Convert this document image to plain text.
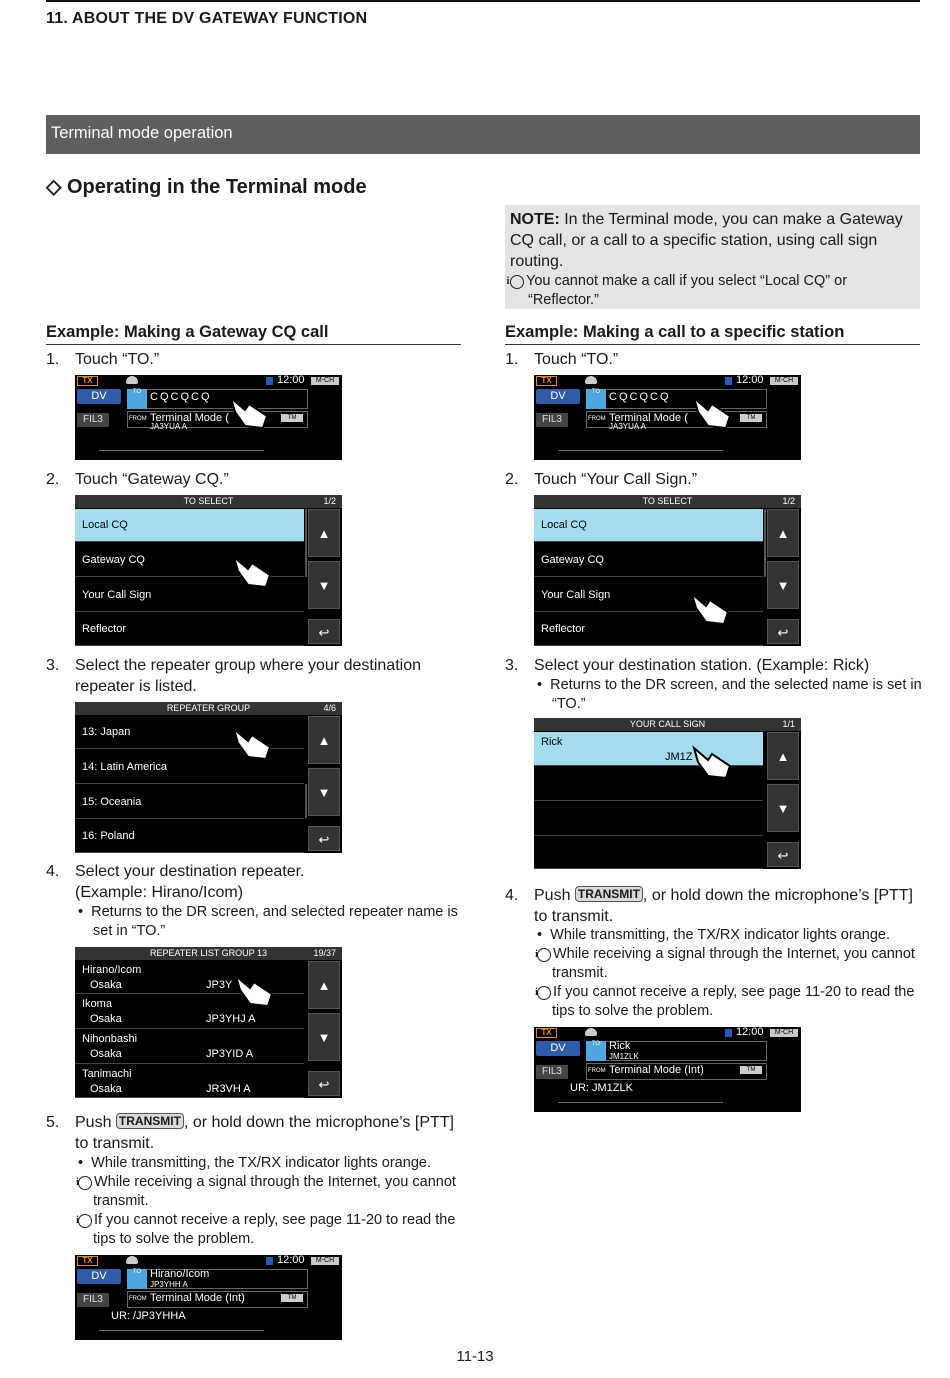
11. ABOUT THE DV GATEWAY FUNCTION
Terminal mode operation
◇ Operating in the Terminal mode
NOTE: In the Terminal mode, you can make a Gateway CQ call, or a call to a specific station, using call sign routing.
i You cannot make a call if you select “Local CQ” or “Reflector.”
Example: Making a Gateway CQ call
1. Touch “TO.”
TX	12:00	M-CH
DV
FIL3
TO CQCQCQ
FROM Terminal Mode (
JA3YUA A
TM
2. Touch “Gateway CQ.”
TO SELECT	1/2
Local CQ
Gateway CQ
Your Call Sign
Reflector
▲
▼
↩
3. Select the repeater group where your destination repeater is listed.
REPEATER GROUP	4/6
13: Japan
14: Latin America
15: Oceania
16: Poland
▲
▼
↩
4. Select your destination repeater.
(Example: Hirano/Icom)
•  Returns to the DR screen, and selected repeater name is set in “TO.”
REPEATER LIST GROUP 13	19/37
Hirano/Icom
Osaka	JP3Y
Ikoma
Osaka	JP3YHJ A
Nihonbashi
Osaka	JP3YID A
Tanimachi
Osaka	JR3VH A
▲
▼
↩
5. Push TRANSMIT , or hold down the microphone’s [PTT] to transmit.
•  While transmitting, the TX/RX indicator lights orange.
i While receiving a signal through the Internet, you cannot transmit.
i If you cannot receive a reply, see page 11-20 to read the tips to solve the problem.
TX	12:00	M-CH
DV
FIL3
TO Hirano/Icom
JP3YHH A
FROM Terminal Mode (Int)	TM
UR: /JP3YHHA
Example: Making a call to a specific station
1. Touch “TO.”
TX	12:00	M-CH
DV
FIL3
TO CQCQCQ
FROM Terminal Mode (
JA3YUA A
TM
2. Touch “Your Call Sign.”
TO SELECT	1/2
Local CQ
Gateway CQ
Your Call Sign
Reflector
▲
▼
↩
3. Select your destination station. (Example: Rick)
•  Returns to the DR screen, and the selected name is set in “TO.”
YOUR CALL SIGN	1/1
Rick
JM1Z	▲
▼
↩
4. Push TRANSMIT , or hold down the microphone’s [PTT] to transmit.
•  While transmitting, the TX/RX indicator lights orange.
i While receiving a signal through the Internet, you cannot transmit.
i If you cannot receive a reply, see page 11-20 to read the tips to solve the problem.
TX	12:00	M-CH
DV
FIL3
TO Rick
JM1ZLK
FROM Terminal Mode (Int)	TM
UR: JM1ZLK
11-13
